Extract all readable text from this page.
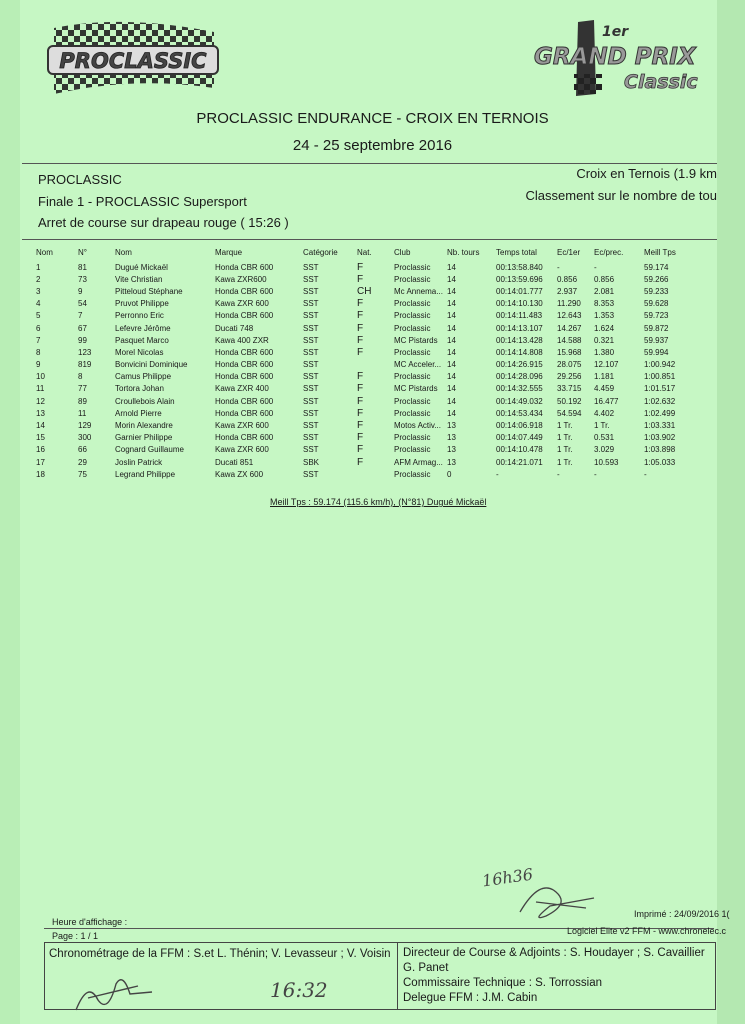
PROCLASSIC
1er
GRAND PRIX
Classic
PROCLASSIC ENDURANCE - CROIX EN TERNOIS
24 - 25 septembre 2016
PROCLASSIC
Finale 1 - PROCLASSIC Supersport
Arret de course sur drapeau rouge ( 15:26 )
Croix en Ternois (1.9 km
Classement sur le nombre de tou
Nom	N°	Nom	Marque	Catégorie	Nat.	Club	Nb. tours	Temps total	Ec/1er	Ec/prec.	Meill Tps
1	81	Dugué Mickaël	Honda CBR 600	SST	F	Proclassic	14	00:13:58.840	-	-	59.174
2	73	Vite Christian	Kawa ZXR600	SST	F	Proclassic	14	00:13:59.696	0.856	0.856	59.266
3	9	Pitteloud Stéphane	Honda CBR 600	SST	CH	Mc Annema...	14	00:14:01.777	2.937	2.081	59.233
4	54	Pruvot Philippe	Kawa ZXR 600	SST	F	Proclassic	14	00:14:10.130	11.290	8.353	59.628
5	7	Perronno Eric	Honda CBR 600	SST	F	Proclassic	14	00:14:11.483	12.643	1.353	59.723
6	67	Lefevre Jérôme	Ducati 748	SST	F	Proclassic	14	00:14:13.107	14.267	1.624	59.872
7	99	Pasquet Marco	Kawa 400 ZXR	SST	F	MC Pistards	14	00:14:13.428	14.588	0.321	59.937
8	123	Morel Nicolas	Honda CBR 600	SST	F	Proclassic	14	00:14:14.808	15.968	1.380	59.994
9	819	Bonvicini Dominique	Honda CBR 600	SST		MC Acceler...	14	00:14:26.915	28.075	12.107	1:00.942
10	8	Camus Philippe	Honda CBR 600	SST	F	Proclassic	14	00:14:28.096	29.256	1.181	1:00.851
11	77	Tortora Johan	Kawa ZXR 400	SST	F	MC Pistards	14	00:14:32.555	33.715	4.459	1:01.517
12	89	Croullebois Alain	Honda CBR 600	SST	F	Proclassic	14	00:14:49.032	50.192	16.477	1:02.632
13	11	Arnold Pierre	Honda CBR 600	SST	F	Proclassic	14	00:14:53.434	54.594	4.402	1:02.499
14	129	Morin Alexandre	Kawa ZXR 600	SST	F	Motos Activ...	13	00:14:06.918	1 Tr.	1 Tr.	1:03.331
15	300	Garnier Philippe	Honda CBR 600	SST	F	Proclassic	13	00:14:07.449	1 Tr.	0.531	1:03.902
16	66	Cognard Guillaume	Kawa ZXR 600	SST	F	Proclassic	13	00:14:10.478	1 Tr.	3.029	1:03.898
17	29	Joslin Patrick	Ducati 851	SBK	F	AFM Armag...	13	00:14:21.071	1 Tr.	10.593	1:05.033
18	75	Legrand Philippe	Kawa ZX 600	SST		Proclassic	0	-	-	-	-
Meill Tps : 59.174 (115.6 km/h), (N°81) Dugué Mickaël
Heure d'affichage :
Imprimé : 24/09/2016 1(
Page : 1 / 1	Logiciel Elite v2 FFM - www.chronelec.c
Chronométrage de la FFM : S.et L. Thénin; V. Levasseur ; V. Voisin Directeur de Course & Adjoints : S. Houdayer ; S. Cavaillier
G. Panet
Commissaire Technique : S. Torrossian
Delegue FFM : J.M. Cabin
16:32
16h36
